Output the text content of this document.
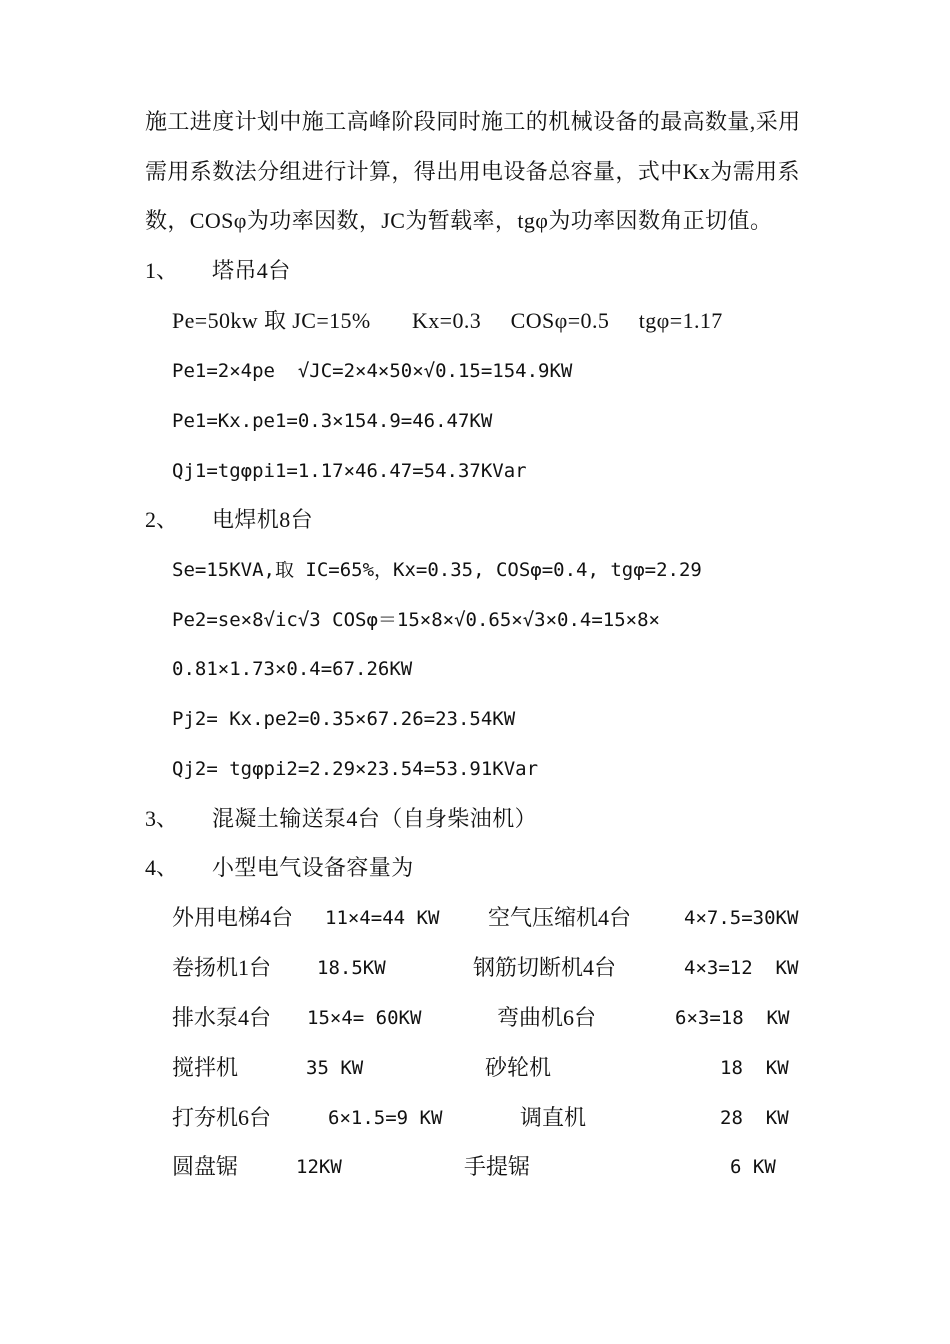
施工进度计划中施工高峰阶段同时施工的机械设备的最高数量,采用
需用系数法分组进行计算，得出用电设备总容量，式中Kx为需用系
数，COSφ为功率因数，JC为暂载率，tgφ为功率因数角正切值。
1、 塔吊4台
Pe=50kw 取 JC=15%       Kx=0.3     COSφ=0.5     tgφ=1.17
Pe1=2×4pe  √JC=2×4×50×√0.15=154.9KW
Pe1=Kx.pe1=0.3×154.9=46.47KW
Qj1=tgφpi1=1.17×46.47=54.37KVar
2、 电焊机8台
Se=15KVA,取 IC=65%，Kx=0.35, COSφ=0.4, tgφ=2.29
Pe2=se×8√ic√3 COSφ＝15×8×√0.65×√3×0.4=15×8×
0.81×1.73×0.4=67.26KW
Pj2= Kx.pe2=0.35×67.26=23.54KW
Qj2= tgφpi2=2.29×23.54=53.91KVar
3、 混凝土输送泵4台（自身柴油机）
4、 小型电气设备容量为
外用电梯4台 11×4=44 KW 空气压缩机4台	4×7.5=30KW
卷扬机1台 18.5KW	钢筋切断机4台	4×3=12  KW
排水泵4台 15×4= 60KW	弯曲机6台	6×3=18  KW
搅拌机	35 KW	砂轮机	18  KW
打夯机6台	6×1.5=9 KW	调直机	28  KW
圆盘锯	12KW	手提锯	6 KW
